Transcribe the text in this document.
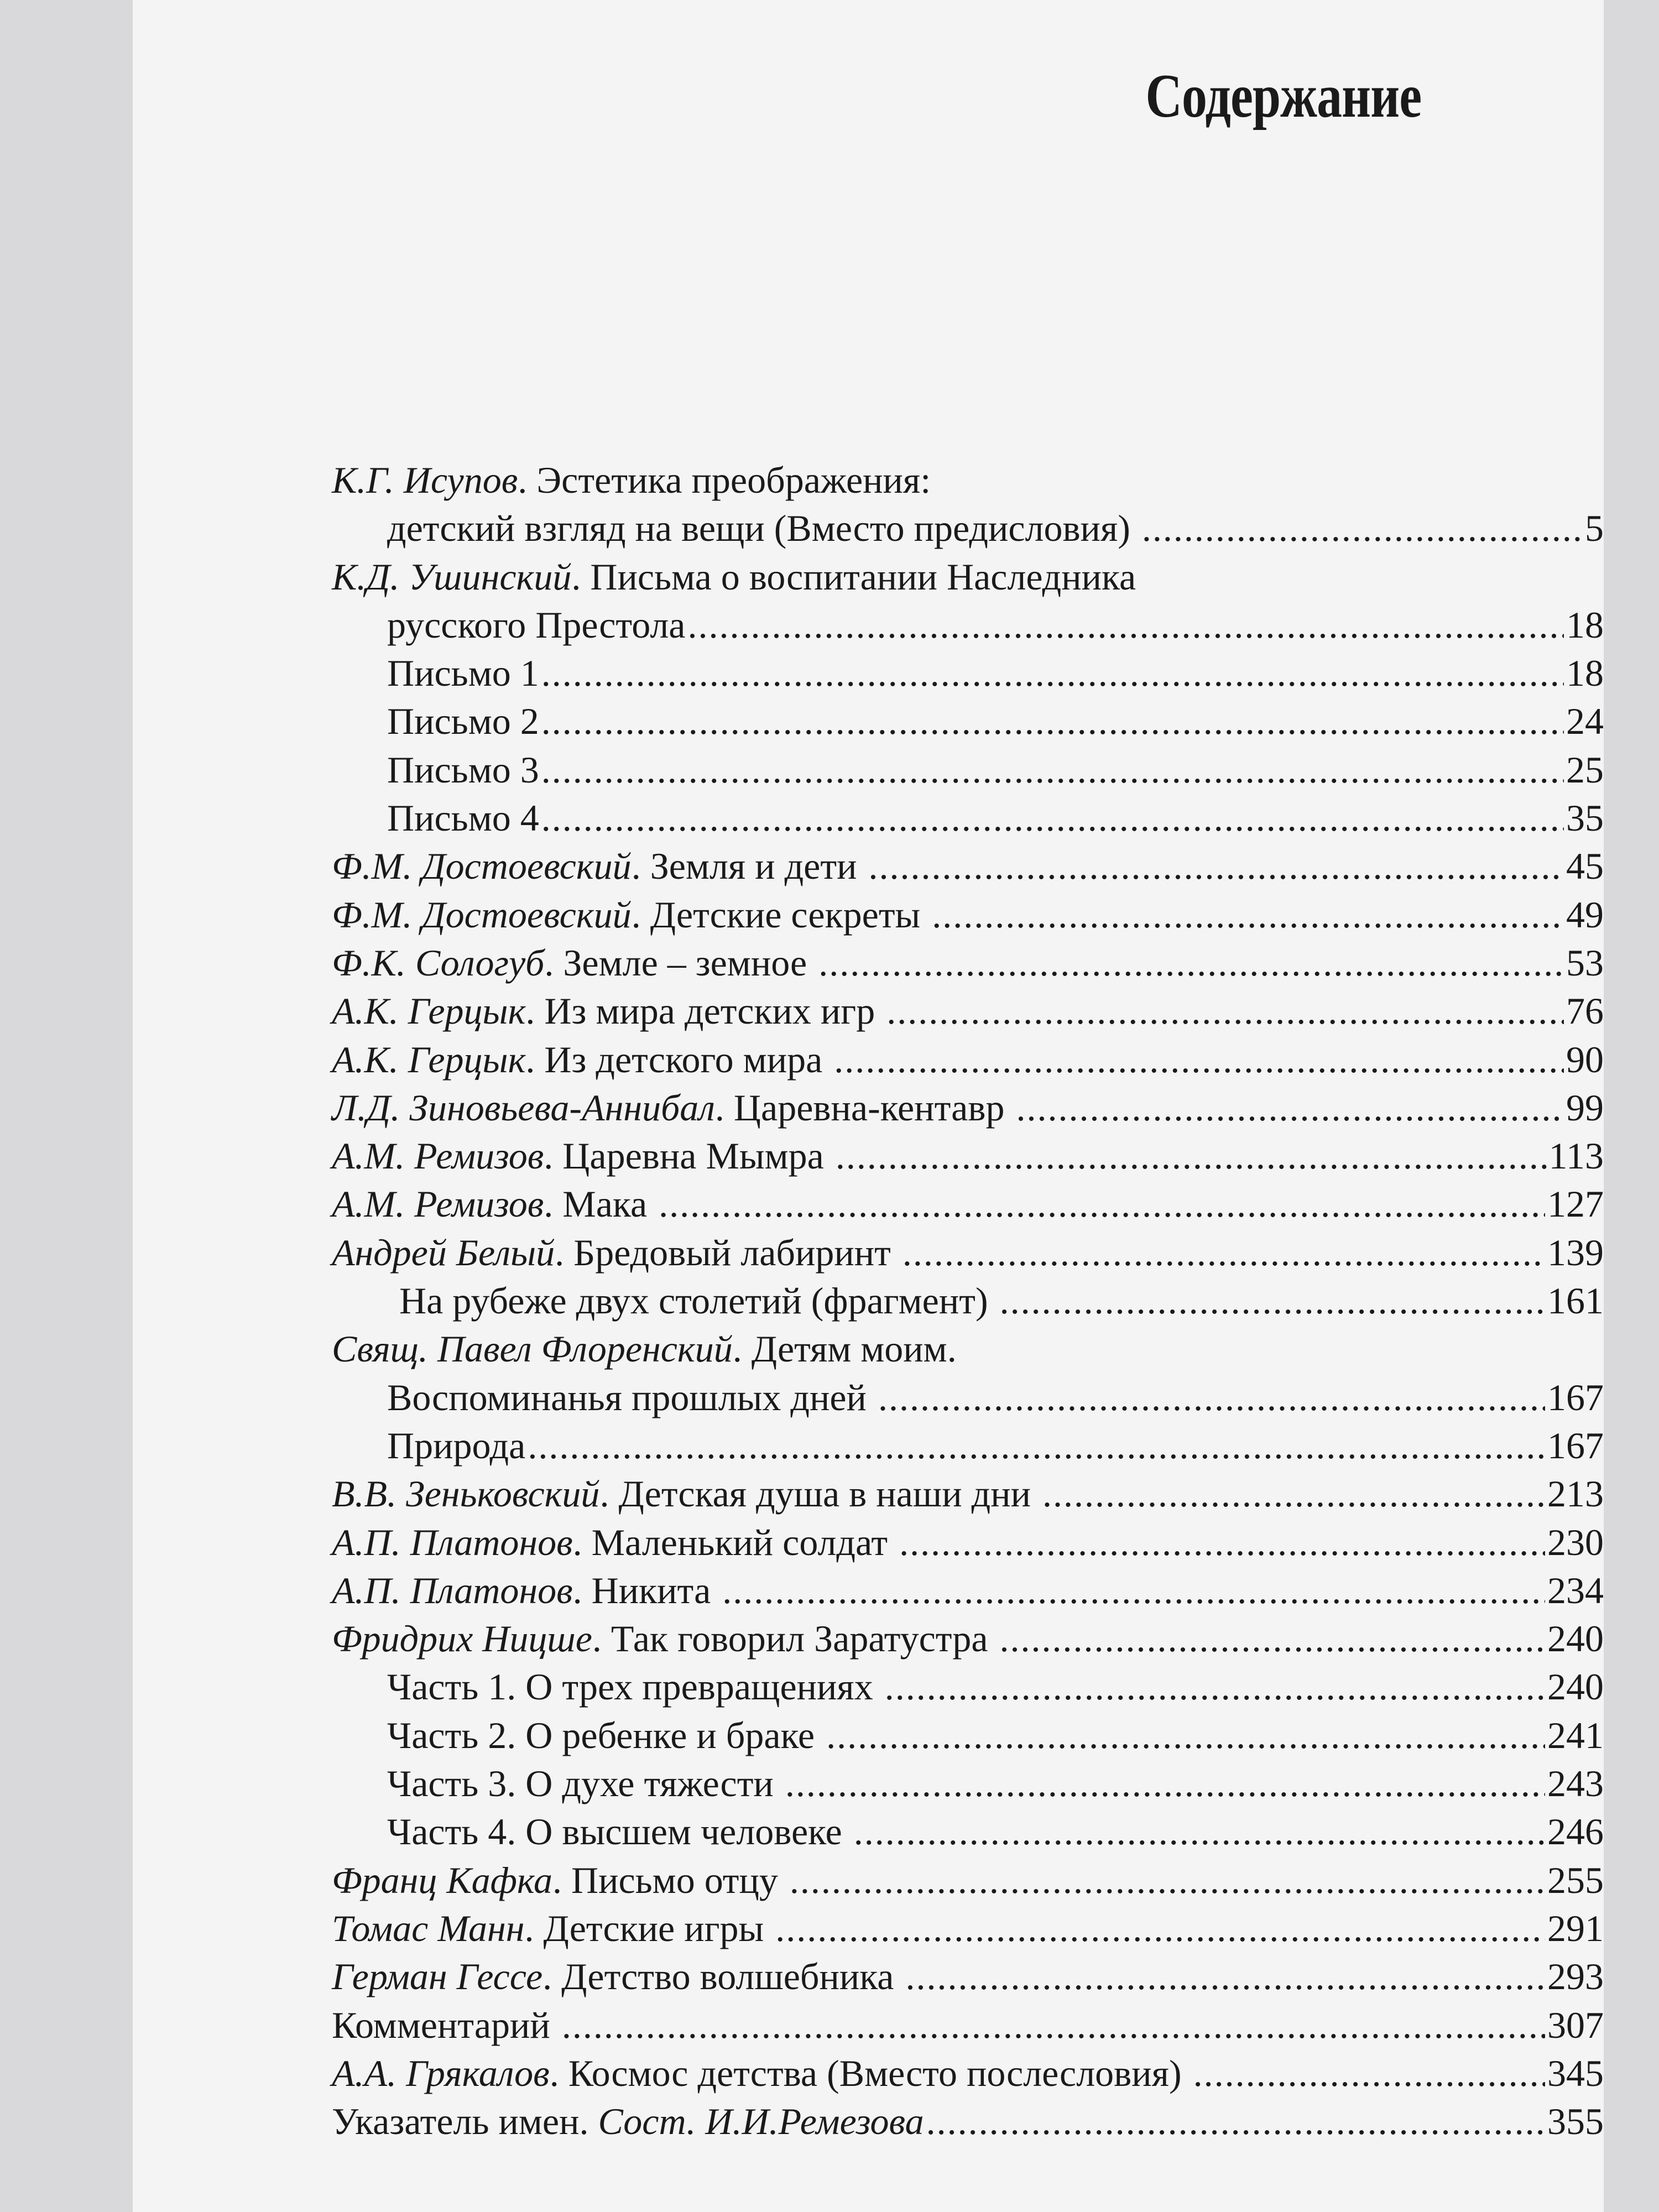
Содержание
К.Г. Исупов . Эстетика преображения:
детский взгляд на вещи (Вместо предисловия) .....	5
К.Д. Ушинский . Письма о воспитании Наследника
русского Престола .....	18
Письмо 1 .....	18
Письмо 2 .....	24
Письмо 3 .....	25
Письмо 4 .....	35
Ф.М. Достоевский . Земля и дети .....	45
Ф.М. Достоевский . Детские секреты .....	49
Ф.К. Сологуб . Земле – земное .....	53
А.К. Герцык . Из мира детских игр .....	76
А.К. Герцык . Из детского мира .....	90
Л.Д. Зиновьева-Аннибал . Царевна-кентавр .....	99
А.М. Ремизов . Царевна Мымра .....	113
А.М. Ремизов . Мака .....	127
Андрей Белый . Бредовый лабиринт .....	139
На рубеже двух столетий (фрагмент) .....	161
Свящ. Павел Флоренский . Детям моим.
Воспоминанья прошлых дней .....	167
Природа .....	167
В.В. Зеньковский . Детская душа в наши дни .....	213
А.П. Платонов . Маленький солдат .....	230
А.П. Платонов . Никита .....	234
Фридрих Ницше . Так говорил Заратустра .....	240
Часть 1. О трех превращениях .....	240
Часть 2. О ребенке и браке .....	241
Часть 3. О духе тяжести .....	243
Часть 4. О высшем человеке .....	246
Франц Кафка . Письмо отцу .....	255
Томас Манн . Детские игры .....	291
Герман Гессе . Детство волшебника .....	293
Комментарий .....	307
А.А. Грякалов . Космос детства (Вместо послесловия) .....	345
Указатель имен. Сост. И.И.Ремезова .....	355
